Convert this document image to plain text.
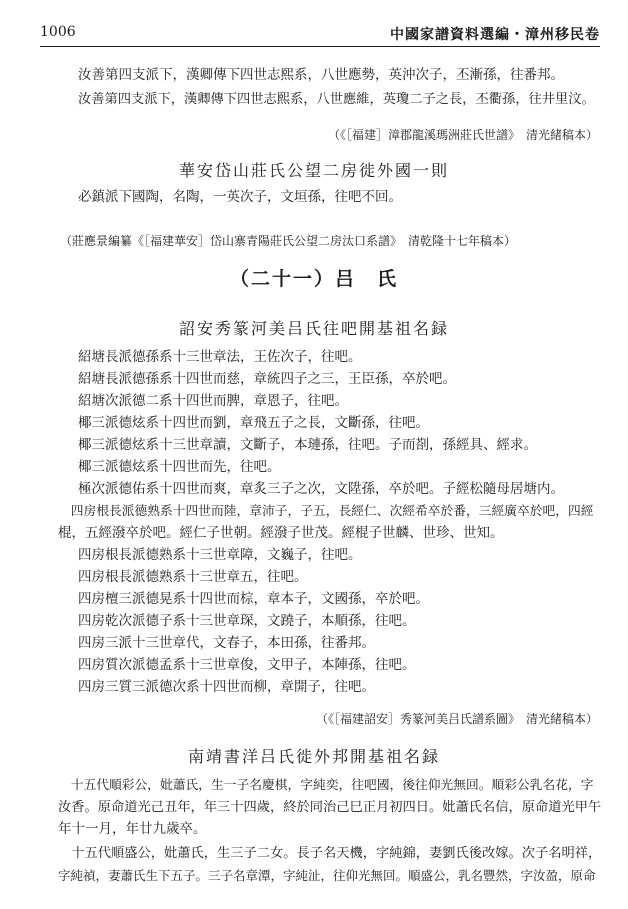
1006	中國家譜資料選編・漳州移民卷
汝善第四支派下，漢卿傳下四世志熙系，八世應勢，英沖次子，丕漸孫，往番邦。
汝善第四支派下，漢卿傳下四世志熙系，八世應維，英瓊二子之長，丕衢孫，往井里汶。
（《［福建］漳郡龍溪瑪洲莊氏世譜》　清光緒稿本）
華安岱山莊氏公望二房徙外國一則
必鎮派下國陶，名陶，一英次子，文垣孫，往吧不回。
（莊應景編纂《［福建華安］岱山寨青陽莊氏公望二房汰口系譜》　清乾隆十七年稿本）
（二十一）吕　氏
詔安秀篆河美吕氏往吧開基祖名録
紹塘長派德孫系十三世章法，王佐次子，往吧。
紹塘長派德孫系十四世而慈，章統四子之三，王臣孫，卒於吧。
紹塘次派德二系十四世而脾，章恩子，往吧。
椰三派德炫系十四世而劉，章飛五子之長，文斷孫，往吧。
椰三派德炫系十三世章讀，文斷子，本璉孫，往吧。子而剳，孫經具、經求。
椰三派德炫系十四世而先，往吧。
極次派德佑系十四世而爽，章炙三子之次，文陞孫，卒於吧。子經松隨母居塘内。
　四房根長派德熟系十四世而陸，章沛子，子五，長經仁、次經希卒於番，三經廣卒於吧，四經
棍，五經潑卒於吧。經仁子世朝。經潑子世茂。經棍子世麟、世珍、世知。
四房根長派德熟系十三世章障，文巍子，往吧。
四房根長派德熟系十三世章五，往吧。
四房檀三派德晃系十四世而棕，章本子，文國孫，卒於吧。
四房乾次派德子系十三世章琛，文蹺子，本順孫，往吧。
四房三派十三世章代，文春子，本田孫，往番邦。
四房質次派德孟系十三世章俊，文甲子，本陣孫，往吧。
四房三質三派德次系十四世而柳，章開子，往吧。
（《［福建詔安］秀篆河美吕氏譜系圖》　清光緒稿本）
南靖書洋吕氏徙外邦開基祖名録
　十五代順彩公，妣蕭氏，生一子名慶棋，字純奕，往吧國，後往仰光無回。順彩公乳名花，字
汝香。原命道光己丑年，年三十四歲，終於同治己巳正月初四日。妣蕭氏名信，原命道光甲午
年十一月，年廿九歲卒。
　十五代順盛公，妣蕭氏，生三子二女。長子名天機，字純錦，妻劉氏後改嫁。次子名明祥，
字純禎，妻蕭氏生下五子。三子名章潭，字純沚，往仰光無回。順盛公，乳名豐然，字汝盈，原命
